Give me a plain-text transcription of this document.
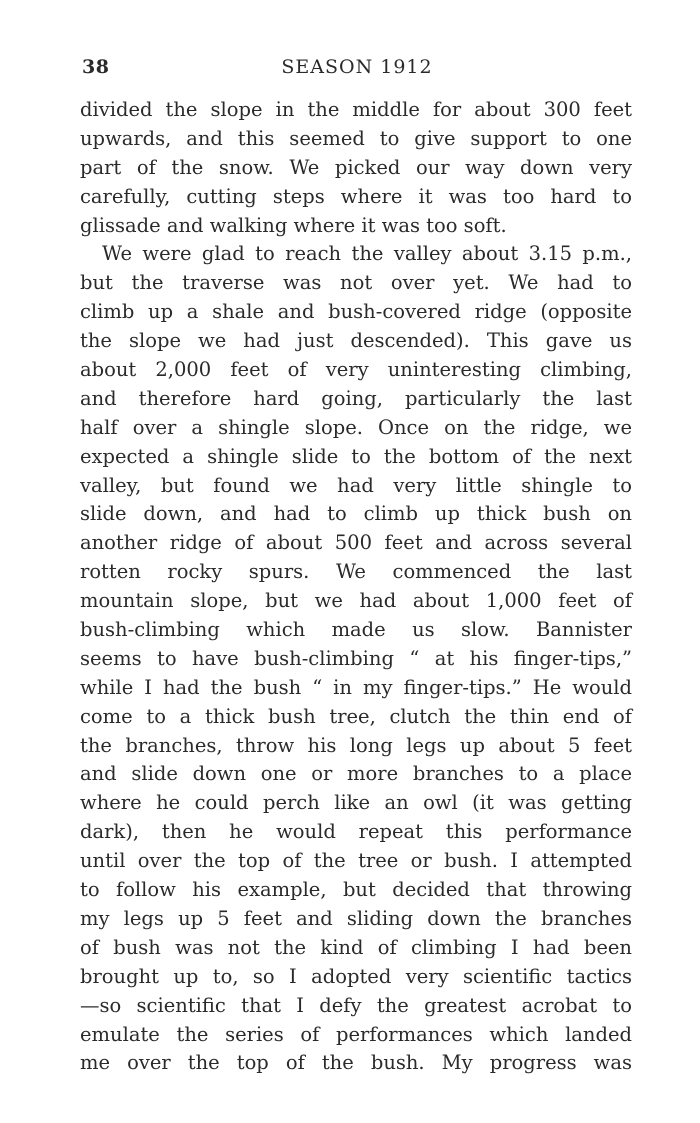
38	SEASON 1912
divided the slope in the middle for about 300 feet
upwards, and this seemed to give support to one
part of the snow. We picked our way down very
carefully, cutting steps where it was too hard to
glissade and walking where it was too soft.
We were glad to reach the valley about 3.15 p.m.,
but the traverse was not over yet. We had to
climb up a shale and bush-covered ridge (opposite
the slope we had just descended). This gave us
about 2,000 feet of very uninteresting climbing,
and therefore hard going, particularly the last
half over a shingle slope. Once on the ridge, we
expected a shingle slide to the bottom of the next
valley, but found we had very little shingle to
slide down, and had to climb up thick bush on
another ridge of about 500 feet and across several
rotten rocky spurs. We commenced the last
mountain slope, but we had about 1,000 feet of
bush-climbing which made us slow. Bannister
seems to have bush-climbing “ at his finger-tips,”
while I had the bush “ in my finger-tips.” He would
come to a thick bush tree, clutch the thin end of
the branches, throw his long legs up about 5 feet
and slide down one or more branches to a place
where he could perch like an owl (it was getting
dark), then he would repeat this performance
until over the top of the tree or bush. I attempted
to follow his example, but decided that throwing
my legs up 5 feet and sliding down the branches
of bush was not the kind of climbing I had been
brought up to, so I adopted very scientific tactics
—so scientific that I defy the greatest acrobat to
emulate the series of performances which landed
me over the top of the bush. My progress was
